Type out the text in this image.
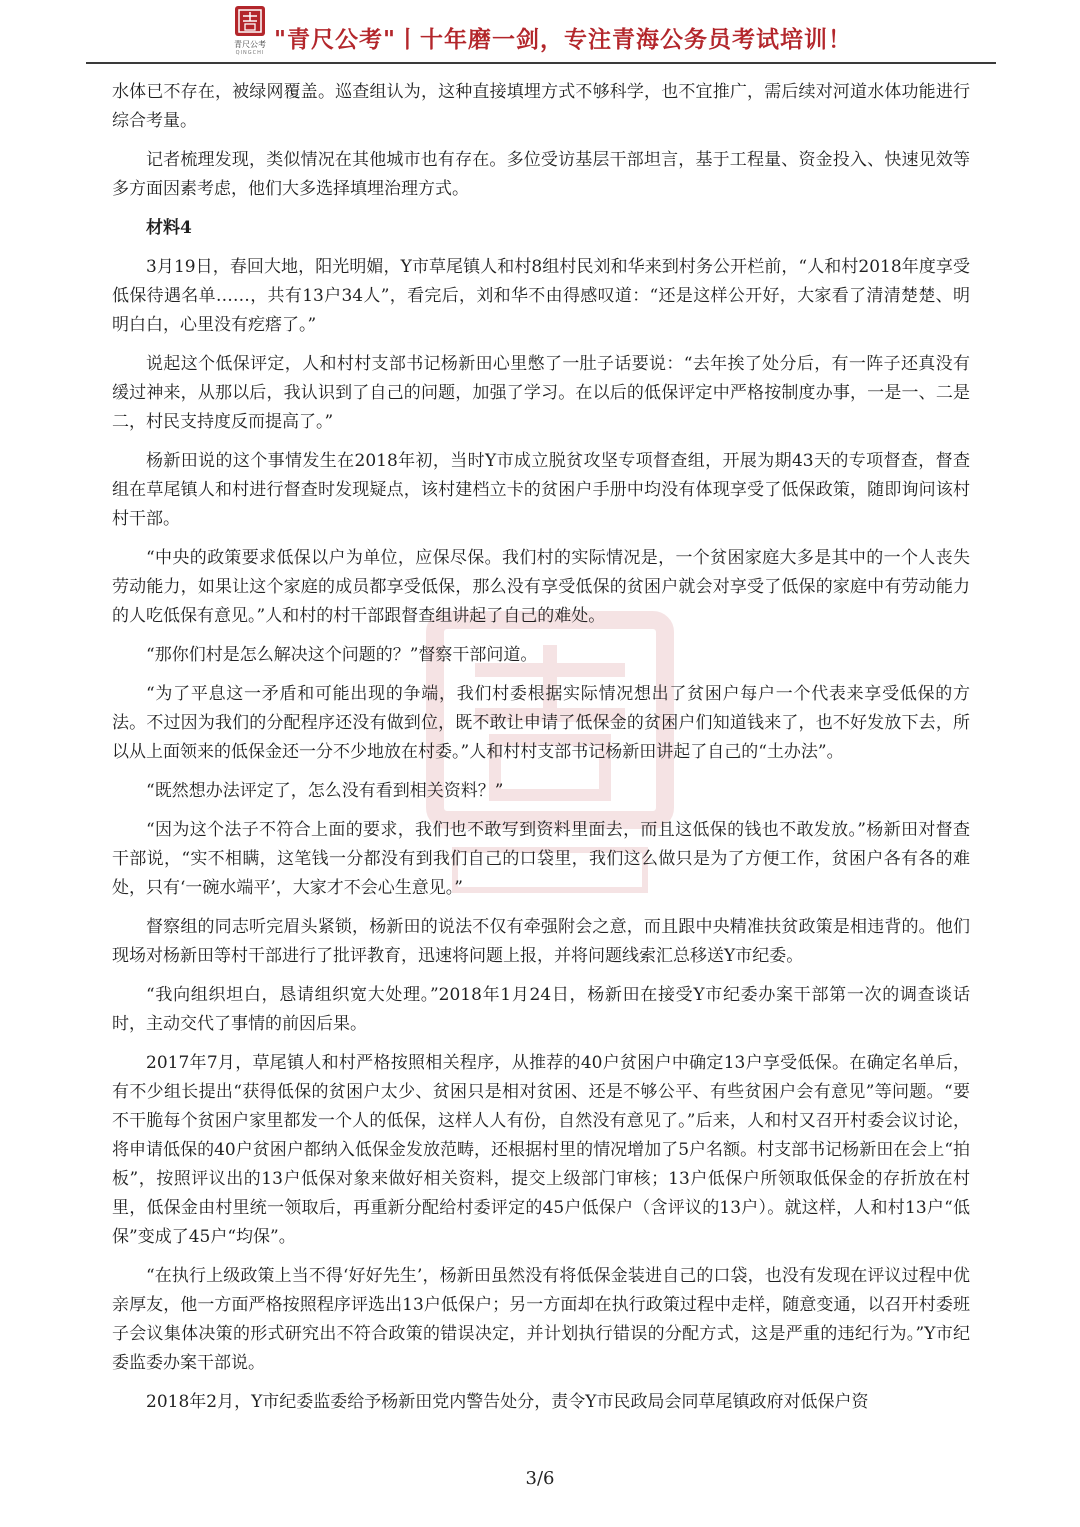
青尺公考
QINGCHI "青尺公考"丨十年磨一剑，专注青海公务员考试培训！

水体已不存在，被绿网覆盖。巡查组认为，这种直接填埋方式不够科学，也不宜推广，需后续对河道水体功能进行综合考量。

记者梳理发现，类似情况在其他城市也有存在。多位受访基层干部坦言，基于工程量、资金投入、快速见效等多方面因素考虑，他们大多选择填埋治理方式。

材料4

3月19日，春回大地，阳光明媚，Y市草尾镇人和村8组村民刘和华来到村务公开栏前，“人和村2018年度享受低保待遇名单……，共有13户34人”，看完后，刘和华不由得感叹道：“还是这样公开好，大家看了清清楚楚、明明白白，心里没有疙瘩了。”

说起这个低保评定，人和村村支部书记杨新田心里憋了一肚子话要说：“去年挨了处分后，有一阵子还真没有缓过神来，从那以后，我认识到了自己的问题，加强了学习。在以后的低保评定中严格按制度办事，一是一、二是二，村民支持度反而提高了。”

杨新田说的这个事情发生在2018年初，当时Y市成立脱贫攻坚专项督查组，开展为期43天的专项督查，督查组在草尾镇人和村进行督查时发现疑点，该村建档立卡的贫困户手册中均没有体现享受了低保政策，随即询问该村村干部。

“中央的政策要求低保以户为单位，应保尽保。我们村的实际情况是，一个贫困家庭大多是其中的一个人丧失劳动能力，如果让这个家庭的成员都享受低保，那么没有享受低保的贫困户就会对享受了低保的家庭中有劳动能力的人吃低保有意见。”人和村的村干部跟督查组讲起了自己的难处。

“那你们村是怎么解决这个问题的？”督察干部问道。

“为了平息这一矛盾和可能出现的争端，我们村委根据实际情况想出了贫困户每户一个代表来享受低保的方法。不过因为我们的分配程序还没有做到位，既不敢让申请了低保金的贫困户们知道钱来了，也不好发放下去，所以从上面领来的低保金还一分不少地放在村委。”人和村村支部书记杨新田讲起了自己的“土办法”。

“既然想办法评定了，怎么没有看到相关资料？”

“因为这个法子不符合上面的要求，我们也不敢写到资料里面去，而且这低保的钱也不敢发放。”杨新田对督查干部说，“实不相瞒，这笔钱一分都没有到我们自己的口袋里，我们这么做只是为了方便工作，贫困户各有各的难处，只有‘一碗水端平’，大家才不会心生意见。”

督察组的同志听完眉头紧锁，杨新田的说法不仅有牵强附会之意，而且跟中央精准扶贫政策是相违背的。他们现场对杨新田等村干部进行了批评教育，迅速将问题上报，并将问题线索汇总移送Y市纪委。

“我向组织坦白，恳请组织宽大处理。”2018年1月24日，杨新田在接受Y市纪委办案干部第一次的调查谈话时，主动交代了事情的前因后果。

2017年7月，草尾镇人和村严格按照相关程序，从推荐的40户贫困户中确定13户享受低保。在确定名单后，有不少组长提出“获得低保的贫困户太少、贫困只是相对贫困、还是不够公平、有些贫困户会有意见”等问题。“要不干脆每个贫困户家里都发一个人的低保，这样人人有份，自然没有意见了。”后来，人和村又召开村委会议讨论，将申请低保的40户贫困户都纳入低保金发放范畴，还根据村里的情况增加了5户名额。村支部书记杨新田在会上“拍板”，按照评议出的13户低保对象来做好相关资料，提交上级部门审核；13户低保户所领取低保金的存折放在村里，低保金由村里统一领取后，再重新分配给村委评定的45户低保户（含评议的13户）。就这样，人和村13户“低保”变成了45户“均保”。

“在执行上级政策上当不得‘好好先生’，杨新田虽然没有将低保金装进自己的口袋，也没有发现在评议过程中优亲厚友，他一方面严格按照程序评选出13户低保户；另一方面却在执行政策过程中走样，随意变通，以召开村委班子会议集体决策的形式研究出不符合政策的错误决定，并计划执行错误的分配方式，这是严重的违纪行为。”Y市纪委监委办案干部说。

2018年2月，Y市纪委监委给予杨新田党内警告处分，责令Y市民政局会同草尾镇政府对低保户资

3/6
